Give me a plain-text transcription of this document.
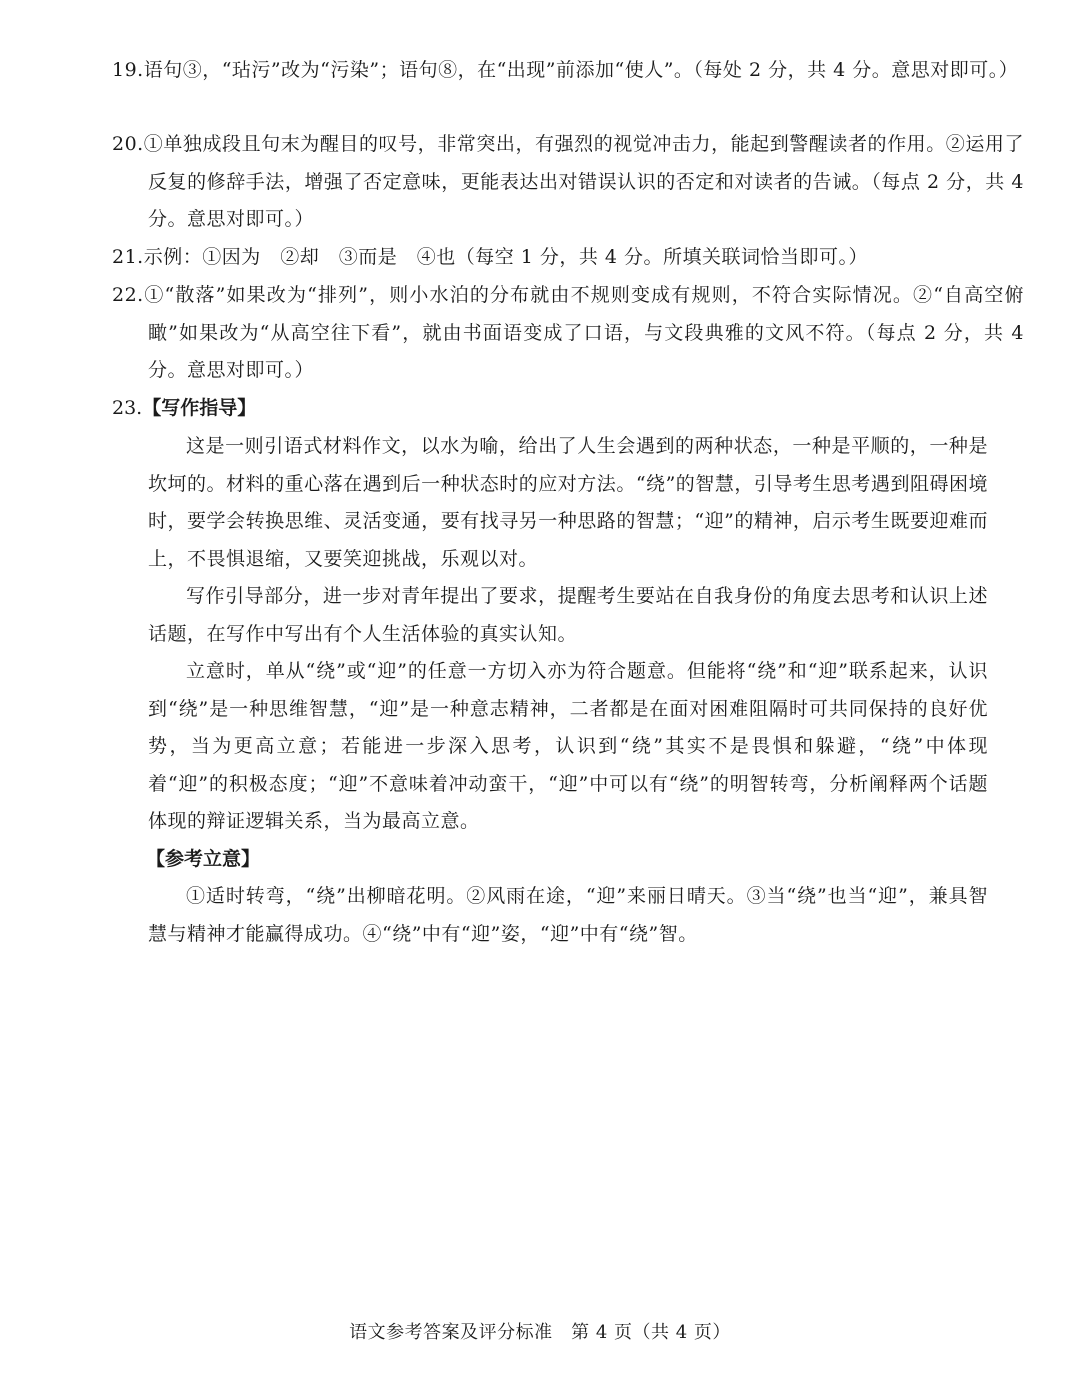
19.语句③，“玷污”改为“污染”；语句⑧，在“出现”前添加“使人”。（每处 2 分，共 4 分。意思对即可。）
20.①单独成段且句末为醒目的叹号，非常突出，有强烈的视觉冲击力，能起到警醒读者的作用。②运用了反复的修辞手法，增强了否定意味，更能表达出对错误认识的否定和对读者的告诫。（每点 2 分，共 4 分。意思对即可。）
21.示例：①因为　②却　③而是　④也（每空 1 分，共 4 分。所填关联词恰当即可。）
22.①“散落”如果改为“排列”，则小水泊的分布就由不规则变成有规则，不符合实际情况。②“自高空俯瞰”如果改为“从高空往下看”，就由书面语变成了口语，与文段典雅的文风不符。（每点 2 分，共 4 分。意思对即可。）
23.【写作指导】
这是一则引语式材料作文，以水为喻，给出了人生会遇到的两种状态，一种是平顺的，一种是坎坷的。材料的重心落在遇到后一种状态时的应对方法。“绕”的智慧，引导考生思考遇到阻碍困境时，要学会转换思维、灵活变通，要有找寻另一种思路的智慧；“迎”的精神，启示考生既要迎难而上，不畏惧退缩，又要笑迎挑战，乐观以对。
写作引导部分，进一步对青年提出了要求，提醒考生要站在自我身份的角度去思考和认识上述话题，在写作中写出有个人生活体验的真实认知。
立意时，单从“绕”或“迎”的任意一方切入亦为符合题意。但能将“绕”和“迎”联系起来，认识到“绕”是一种思维智慧，“迎”是一种意志精神，二者都是在面对困难阻隔时可共同保持的良好优势，当为更高立意；若能进一步深入思考，认识到“绕”其实不是畏惧和躲避，“绕”中体现着“迎”的积极态度；“迎”不意味着冲动蛮干，“迎”中可以有“绕”的明智转弯，分析阐释两个话题体现的辩证逻辑关系，当为最高立意。
【参考立意】
①适时转弯，“绕”出柳暗花明。②风雨在途，“迎”来丽日晴天。③当“绕”也当“迎”，兼具智慧与精神才能赢得成功。④“绕”中有“迎”姿，“迎”中有“绕”智。
语文参考答案及评分标准　第 4 页（共 4 页）
